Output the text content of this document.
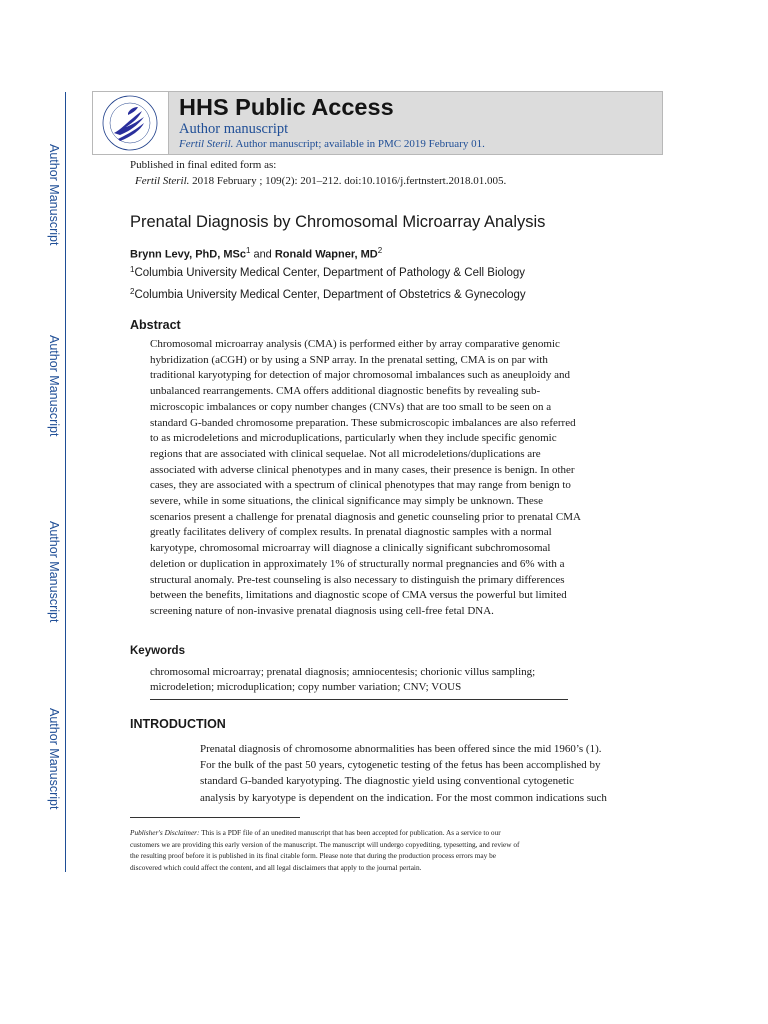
Author Manuscript
Author Manuscript
Author Manuscript
Author Manuscript
HHS Public Access
Author manuscript
Fertil Steril. Author manuscript; available in PMC 2019 February 01.
Published in final edited form as:
Fertil Steril. 2018 February ; 109(2): 201–212. doi:10.1016/j.fertnstert.2018.01.005.
Prenatal Diagnosis by Chromosomal Microarray Analysis
Brynn Levy, PhD, MSc$^1$ and Ronald Wapner, $MD^2$
$^1$Columbia University Medical Center, Department of Pathology & Cell Biology
$^2$Columbia University Medical Center, Department of Obstetrics & Gynecology
Abstract
Chromosomal microarray analysis (CMA) is performed either by array comparative genomic
hybridization (aCGH) or by using a SNP array. In the prenatal setting, CMA is on par with
traditional karyotyping for detection of major chromosomal imbalances such as aneuploidy and
unbalanced rearrangements. CMA offers additional diagnostic benefits by revealing sub-
microscopic imbalances or copy number changes (CNVs) that are too small to be seen on a
standard G-banded chromosome preparation. These submicroscopic imbalances are also referred
to as microdeletions and microduplications, particularly when they include specific genomic
regions that are associated with clinical sequelae. Not all microdeletions/duplications are
associated with adverse clinical phenotypes and in many cases, their presence is benign. In other
cases, they are associated with a spectrum of clinical phenotypes that may range from benign to
severe, while in some situations, the clinical significance may simply be unknown. These
scenarios present a challenge for prenatal diagnosis and genetic counseling prior to prenatal CMA
greatly facilitates delivery of complex results. In prenatal diagnostic samples with a normal
karyotype, chromosomal microarray will diagnose a clinically significant subchromosomal
deletion or duplication in approximately 1% of structurally normal pregnancies and 6% with a
structural anomaly. Pre-test counseling is also necessary to distinguish the primary differences
between the benefits, limitations and diagnostic scope of CMA versus the powerful but limited
screening nature of non-invasive prenatal diagnosis using cell-free fetal DNA.
Keywords
chromosomal microarray; prenatal diagnosis; amniocentesis; chorionic villus sampling;
microdeletion; microduplication; copy number variation; CNV; VOUS
INTRODUCTION
Prenatal diagnosis of chromosome abnormalities has been offered since the mid 1960’s (1).
For the bulk of the past 50 years, cytogenetic testing of the fetus has been accomplished by
standard G-banded karyotyping. The diagnostic yield using conventional cytogenetic
analysis by karyotype is dependent on the indication. For the most common indications such
Publisher's Disclaimer: This is a PDF file of an unedited manuscript that has been accepted for publication. As a service to our
customers we are providing this early version of the manuscript. The manuscript will undergo copyediting, typesetting, and review of
the resulting proof before it is published in its final citable form. Please note that during the production process errors may be
discovered which could affect the content, and all legal disclaimers that apply to the journal pertain.
